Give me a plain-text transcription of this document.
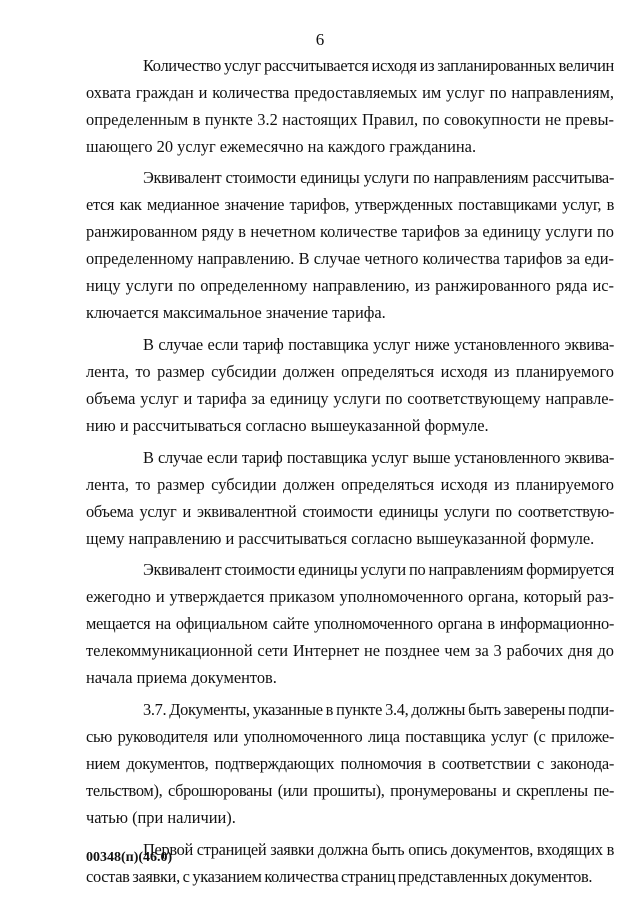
6

Количество услуг рассчитывается исходя из запланированных величин
охвата граждан и количества предоставляемых им услуг по направлениям,
определенным в пункте 3.2 настоящих Правил, по совокупности не превы-
шающего 20 услуг ежемесячно на каждого гражданина.

Эквивалент стоимости единицы услуги по направлениям рассчитыва-
ется как медианное значение тарифов, утвержденных поставщиками услуг, в
ранжированном ряду в нечетном количестве тарифов за единицу услуги по
определенному направлению. В случае четного количества тарифов за еди-
ницу услуги по определенному направлению, из ранжированного ряда ис-
ключается максимальное значение тарифа.

В случае если тариф поставщика услуг ниже установленного эквива-
лента, то размер субсидии должен определяться исходя из планируемого
объема услуг и тарифа за единицу услуги по соответствующему направле-
нию и рассчитываться согласно вышеуказанной формуле.

В случае если тариф поставщика услуг выше установленного эквива-
лента, то размер субсидии должен определяться исходя из планируемого
объема услуг и эквивалентной стоимости единицы услуги по соответствую-
щему направлению и рассчитываться согласно вышеуказанной формуле.

Эквивалент стоимости единицы услуги по направлениям формируется
ежегодно и утверждается приказом уполномоченного органа, который раз-
мещается на официальном сайте уполномоченного органа в информационно-
телекоммуникационной сети Интернет не позднее чем за 3 рабочих дня до
начала приема документов.

3.7. Документы, указанные в пункте 3.4, должны быть заверены подпи-
сью руководителя или уполномоченного лица поставщика услуг (с приложе-
нием документов, подтверждающих полномочия в соответствии с законода-
тельством), сброшюрованы (или прошиты), пронумерованы и скреплены пе-
чатью (при наличии).

Первой страницей заявки должна быть опись документов, входящих в
состав заявки, с указанием количества страниц представленных документов.

00348(п)(46.0)
